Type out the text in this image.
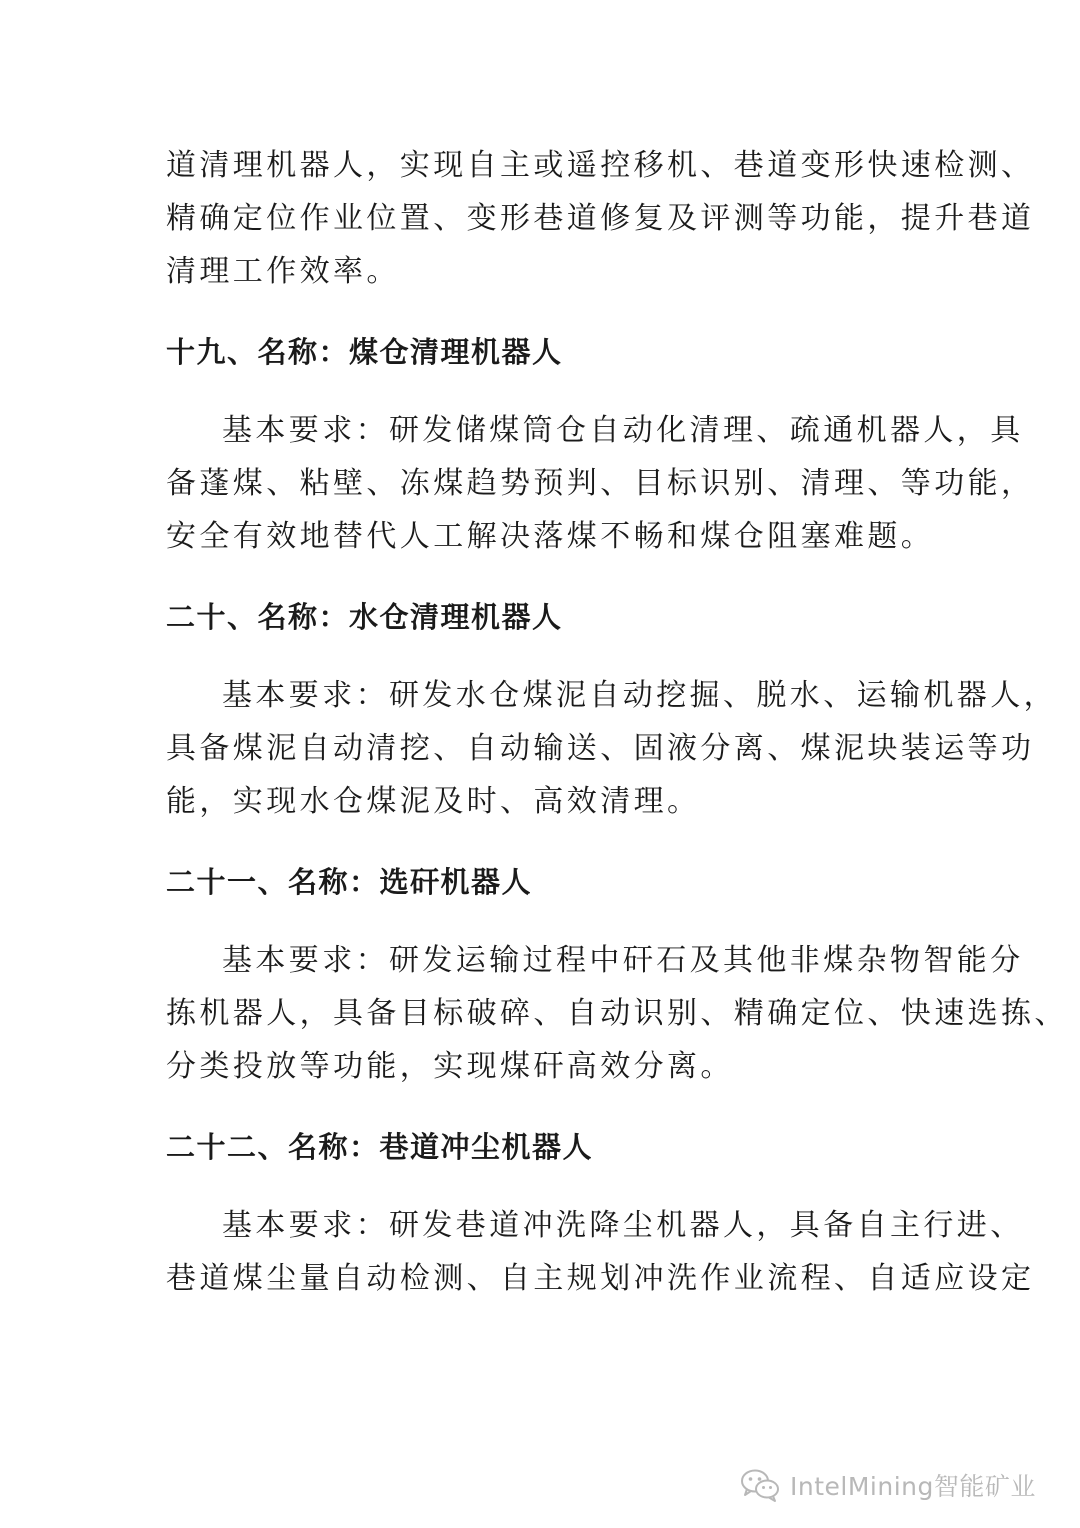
道清理机器人，实现自主或遥控移机、巷道变形快速检测、
精确定位作业位置、变形巷道修复及评测等功能，提升巷道
清理工作效率。
十九、名称：煤仓清理机器人
基本要求：研发储煤筒仓自动化清理、疏通机器人，具
备蓬煤、粘壁、冻煤趋势预判、目标识别、清理、等功能，
安全有效地替代人工解决落煤不畅和煤仓阻塞难题。
二十、名称：水仓清理机器人
基本要求：研发水仓煤泥自动挖掘、脱水、运输机器人，
具备煤泥自动清挖、自动输送、固液分离、煤泥块装运等功
能，实现水仓煤泥及时、高效清理。
二十一、名称：选矸机器人
基本要求：研发运输过程中矸石及其他非煤杂物智能分
拣机器人，具备目标破碎、自动识别、精确定位、快速选拣、
分类投放等功能，实现煤矸高效分离。
二十二、名称：巷道冲尘机器人
基本要求：研发巷道冲洗降尘机器人，具备自主行进、
巷道煤尘量自动检测、自主规划冲洗作业流程、自适应设定
IntelMining智能矿业
